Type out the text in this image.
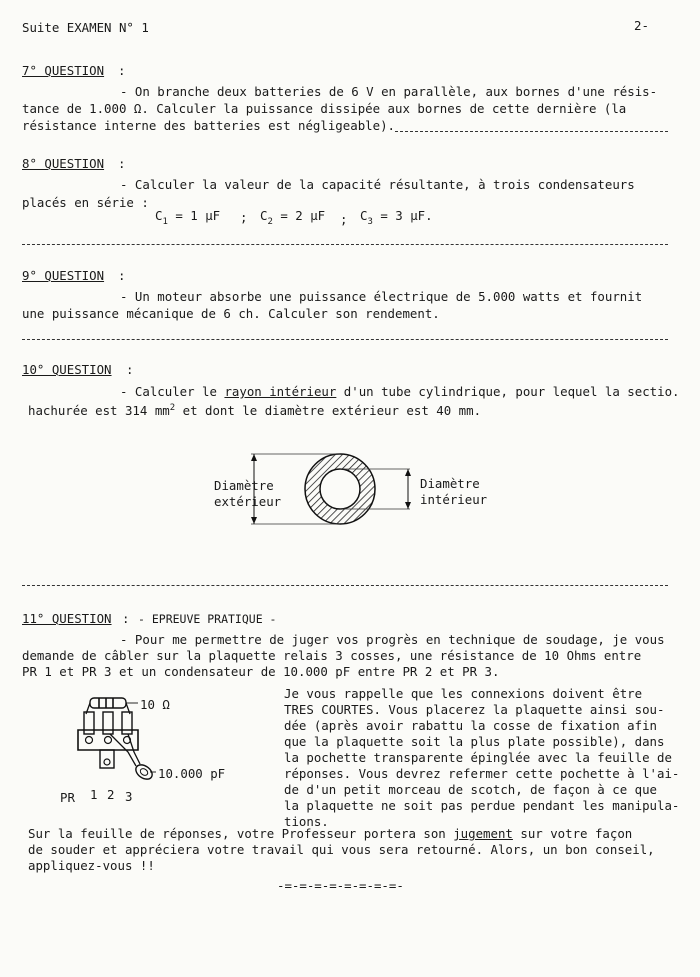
Suite EXAMEN N° 1	2-
7° QUESTION :
- On branche deux batteries de 6 V en parallèle, aux bornes d'une résis-
tance de 1.000 Ω. Calculer la puissance dissipée aux bornes de cette dernière (la
résistance interne des batteries est négligeable).
8° QUESTION :
- Calculer la valeur de la capacité résultante, à trois condensateurs
placés en série :
$C_1 = 1$ µF ; $C_2 = 2$ µF ; $C_3 = 3$ µF.
9° QUESTION :
- Un moteur absorbe une puissance électrique de 5.000 watts et fournit
une puissance mécanique de 6 ch. Calculer son rendement.
10° QUESTION :
- Calculer le rayon intérieur d'un tube cylindrique, pour lequel la sectio.
hachurée est 314 $mm^2$ et dont le diamètre extérieur est 40 mm.
Diamètre
extérieur
Diamètre
intérieur
11° QUESTION : - EPREUVE PRATIQUE -
- Pour me permettre de juger vos progrès en technique de soudage, je vous
demande de câbler sur la plaquette relais 3 cosses, une résistance de 10 Ohms entre
PR 1 et PR 3 et un condensateur de 10.000 pF entre PR 2 et PR 3.
Je vous rappelle que les connexions doivent être
TRES COURTES. Vous placerez la plaquette ainsi sou-
dée (après avoir rabattu la cosse de fixation afin
que la plaquette soit la plus plate possible), dans
la pochette transparente épinglée avec la feuille de
réponses. Vous devrez refermer cette pochette à l'ai-
de d'un petit morceau de scotch, de façon à ce que
la plaquette ne soit pas perdue pendant les manipula-
tions.
10 Ω
10.000 pF
PR 1 2 3
Sur la feuille de réponses, votre Professeur portera son jugement sur votre façon
de souder et appréciera votre travail qui vous sera retourné. Alors, un bon conseil,
appliquez-vous !!
-=-=-=-=-=-=-=-=-
